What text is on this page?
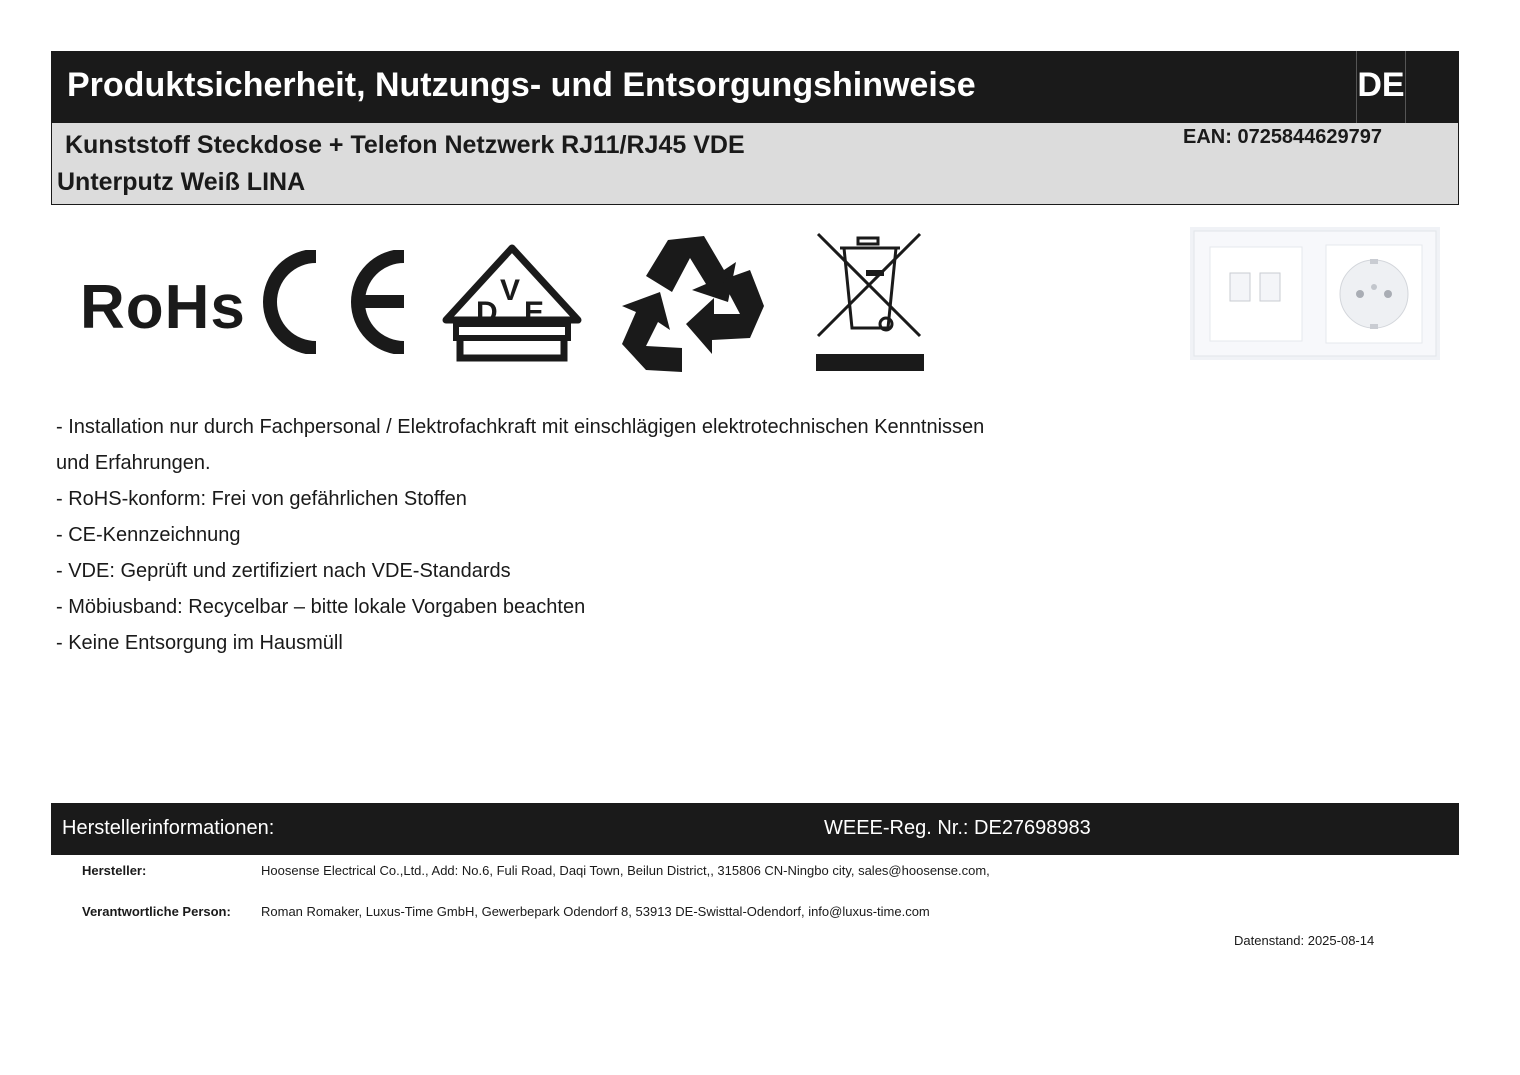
Produktsicherheit, Nutzungs- und Entsorgungshinweise	DE
Kunststoff Steckdose + Telefon Netzwerk RJ11/RJ45 VDE
Unterputz Weiß LINA
EAN: 0725844629797
RoHs	D
V
E
- Installation nur durch Fachpersonal / Elektrofachkraft mit einschlägigen elektrotechnischen Kenntnissen
und Erfahrungen.
- RoHS-konform: Frei von gefährlichen Stoffen
- CE-Kennzeichnung
- VDE: Geprüft und zertifiziert nach VDE-Standards
- Möbiusband: Recycelbar – bitte lokale Vorgaben beachten
- Keine Entsorgung im Hausmüll
Herstellerinformationen:	WEEE-Reg. Nr.: DE27698983
Hersteller:	Hoosense Electrical Co.,Ltd., Add: No.6, Fuli Road, Daqi Town, Beilun District,, 315806 CN-Ningbo city, sales@hoosense.com,
Verantwortliche Person: Roman Romaker, Luxus-Time GmbH, Gewerbepark Odendorf 8, 53913 DE-Swisttal-Odendorf, info@luxus-time.com
Datenstand: 2025-08-14
